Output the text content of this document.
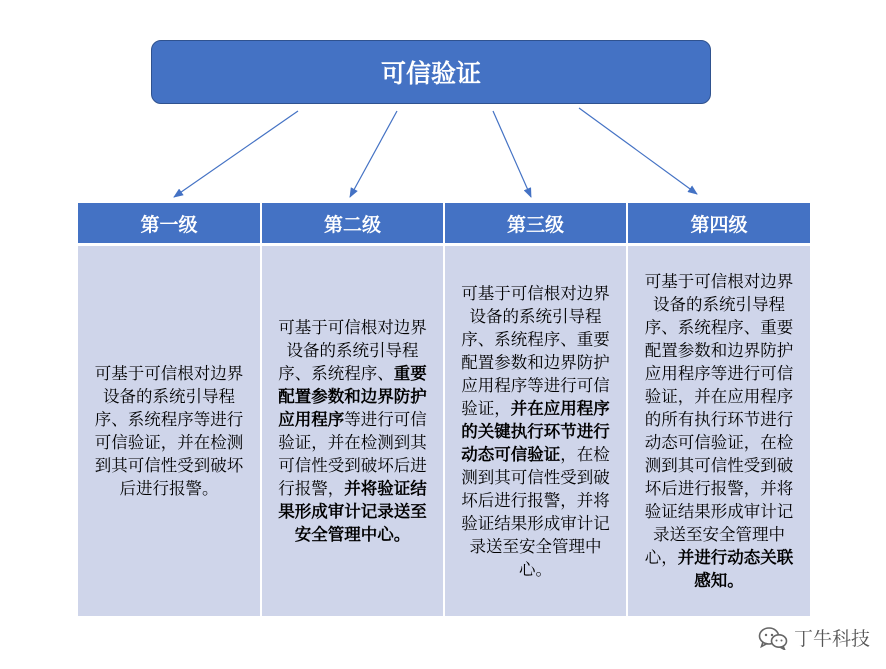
可信验证
第一级	第二级	第三级	第四级
可基于可信根对边界设备的系统引导程序、系统程序等进行可信验证，并在检测到其可信性受到破坏后进行报警。	可基于可信根对边界设备的系统引导程序、系统程序、重要配置参数和边界防护应用程序等进行可信验证，并在检测到其可信性受到破坏后进行报警，并将验证结果形成审计记录送至安全管理中心。	可基于可信根对边界设备的系统引导程序、系统程序、重要配置参数和边界防护应用程序等进行可信验证，并在应用程序的关键执行环节进行动态可信验证，在检测到其可信性受到破坏后进行报警，并将验证结果形成审计记录送至安全管理中心。	可基于可信根对边界设备的系统引导程序、系统程序、重要配置参数和边界防护应用程序等进行可信验证，并在应用程序的所有执行环节进行动态可信验证，在检测到其可信性受到破坏后进行报警，并将验证结果形成审计记录送至安全管理中心，并进行动态关联感知。
丁牛科技
